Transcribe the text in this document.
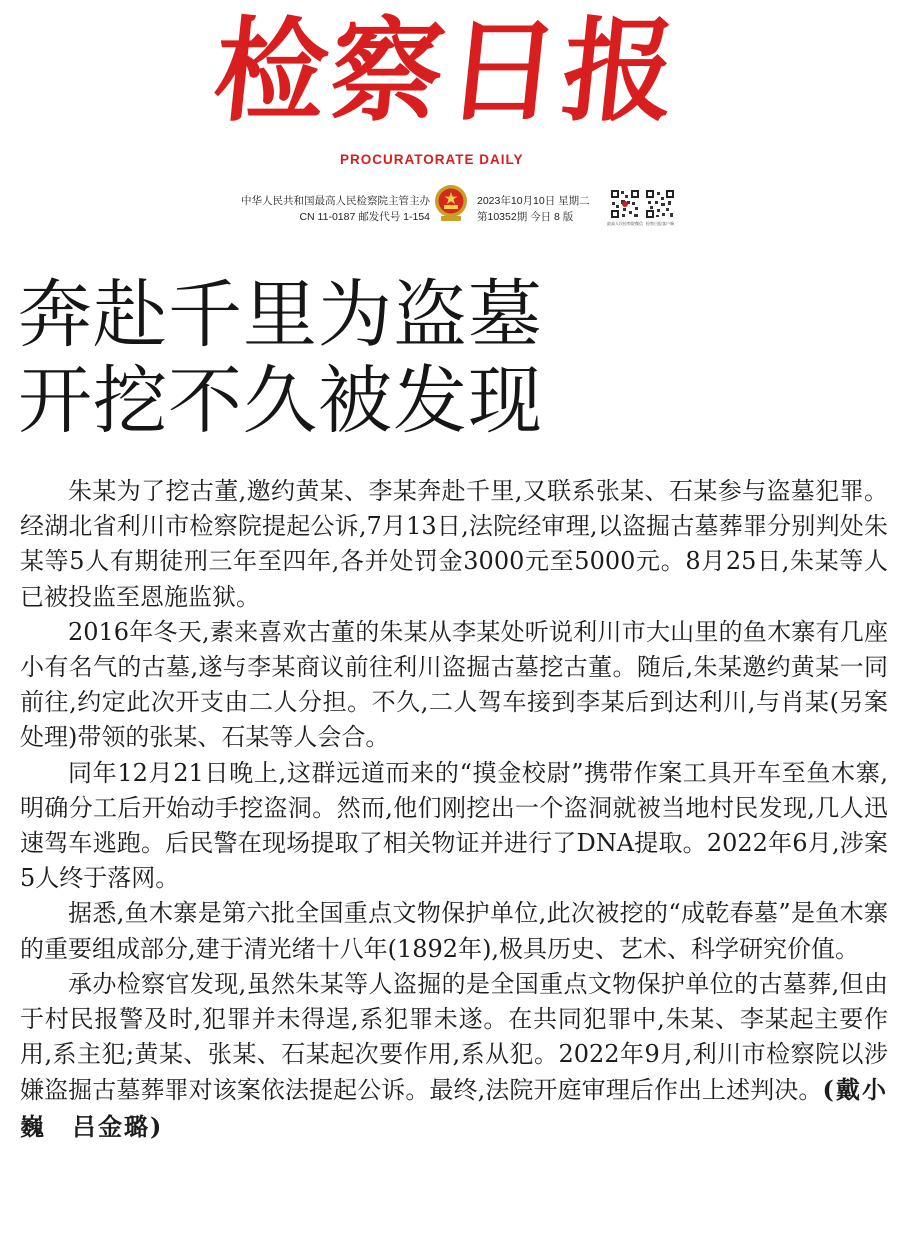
检察日报
PROCURATORATE DAILY
中华人民共和国最高人民检察院主管主办
CN 11-0187 邮发代号 1-154
2023年10月10日 星期二
第10352期 今日 8 版
最高人民检察院微信 检察日报客户端
奔赴千里为盗墓
开挖不久被发现

朱某为了挖古董,邀约黄某、李某奔赴千里,又联系张某、石某参与盗墓犯罪。经湖北省利川市检察院提起公诉,7月13日,法院经审理,以盗掘古墓葬罪分别判处朱某等5人有期徒刑三年至四年,各并处罚金3000元至5000元。8月25日,朱某等人已被投监至恩施监狱。

2016年冬天,素来喜欢古董的朱某从李某处听说利川市大山里的鱼木寨有几座小有名气的古墓,遂与李某商议前往利川盗掘古墓挖古董。随后,朱某邀约黄某一同前往,约定此次开支由二人分担。不久,二人驾车接到李某后到达利川,与肖某(另案处理)带领的张某、石某等人会合。

同年12月21日晚上,这群远道而来的“摸金校尉”携带作案工具开车至鱼木寨,明确分工后开始动手挖盗洞。然而,他们刚挖出一个盗洞就被当地村民发现,几人迅速驾车逃跑。后民警在现场提取了相关物证并进行了DNA提取。2022年6月,涉案5人终于落网。

据悉,鱼木寨是第六批全国重点文物保护单位,此次被挖的“成乾春墓”是鱼木寨的重要组成部分,建于清光绪十八年(1892年),极具历史、艺术、科学研究价值。

承办检察官发现,虽然朱某等人盗掘的是全国重点文物保护单位的古墓葬,但由于村民报警及时,犯罪并未得逞,系犯罪未遂。在共同犯罪中,朱某、李某起主要作用,系主犯;黄某、张某、石某起次要作用,系从犯。2022年9月,利川市检察院以涉嫌盗掘古墓葬罪对该案依法提起公诉。最终,法院开庭审理后作出上述判决。(戴小巍　吕金璐)
